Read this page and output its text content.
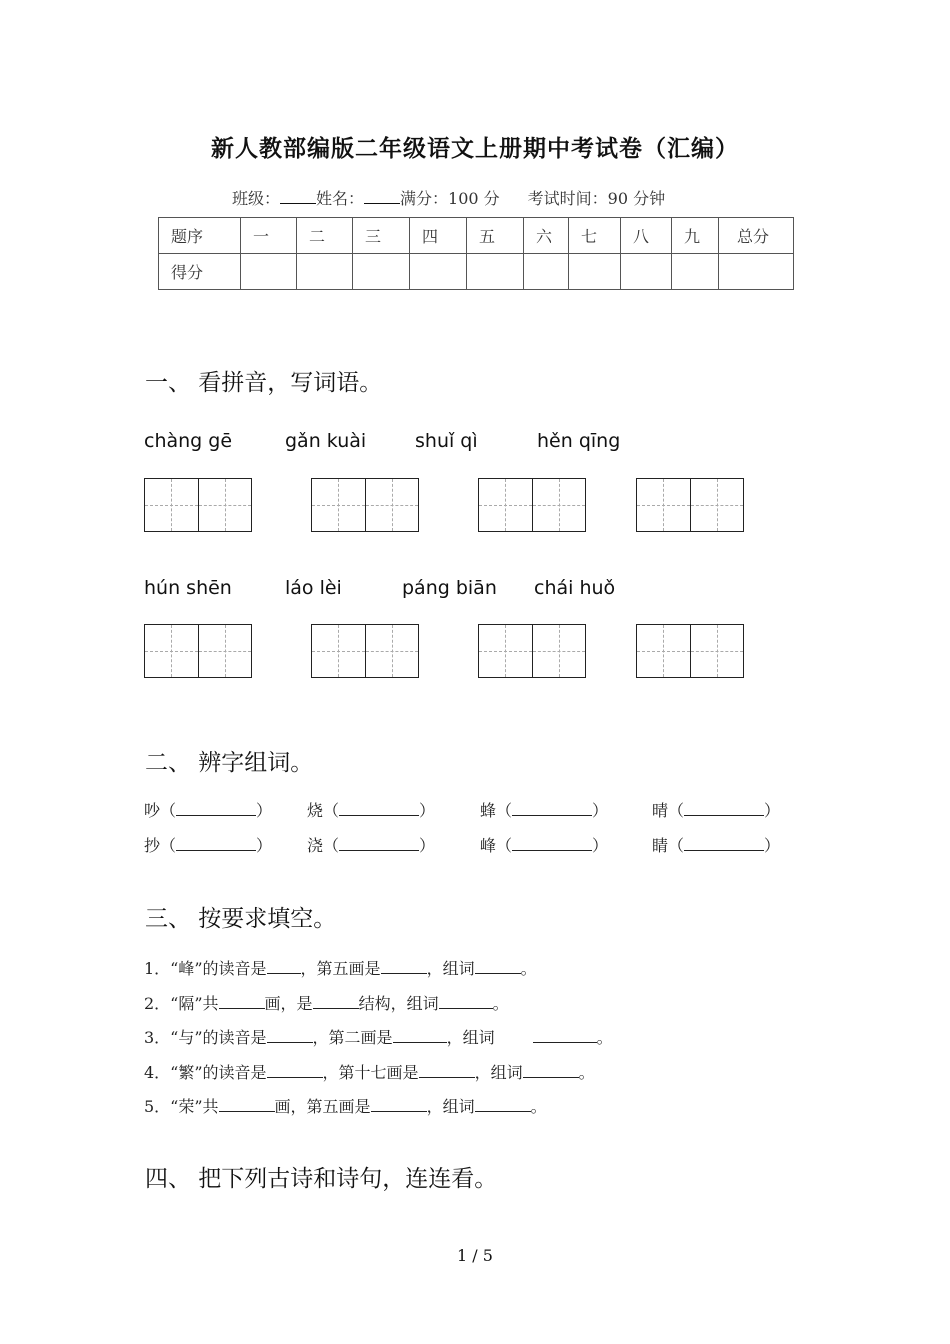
新人教部编版二年级语文上册期中考试卷（汇编）
班级： 姓名： 满分：100 分 考试时间：90 分钟
题序	一	二	三	四	五	六	七	八	九	总分
得分										
一、 看拼音，写词语。
chàng gē	gǎn kuài	shuǐ qì	hěn qīng
hún shēn	láo lèi	páng biān chái huǒ
二、 辨字组词。
吵（	） 烧（	）	蜂（	）	晴（	）
抄（	） 浇（	）	峰（	）	睛（	）
三、 按要求填空。
1．“峰”的读音是 ，第五画是	，组词	。
2．“隔”共	画，是	结构，组词	。
3．“与”的读音是	，第二画是	，组词	。
4．“繁”的读音是	，第十七画是	，组词	。
5．“荣”共	画，第五画是	，组词	。
四、 把下列古诗和诗句，连连看。
1 / 5
